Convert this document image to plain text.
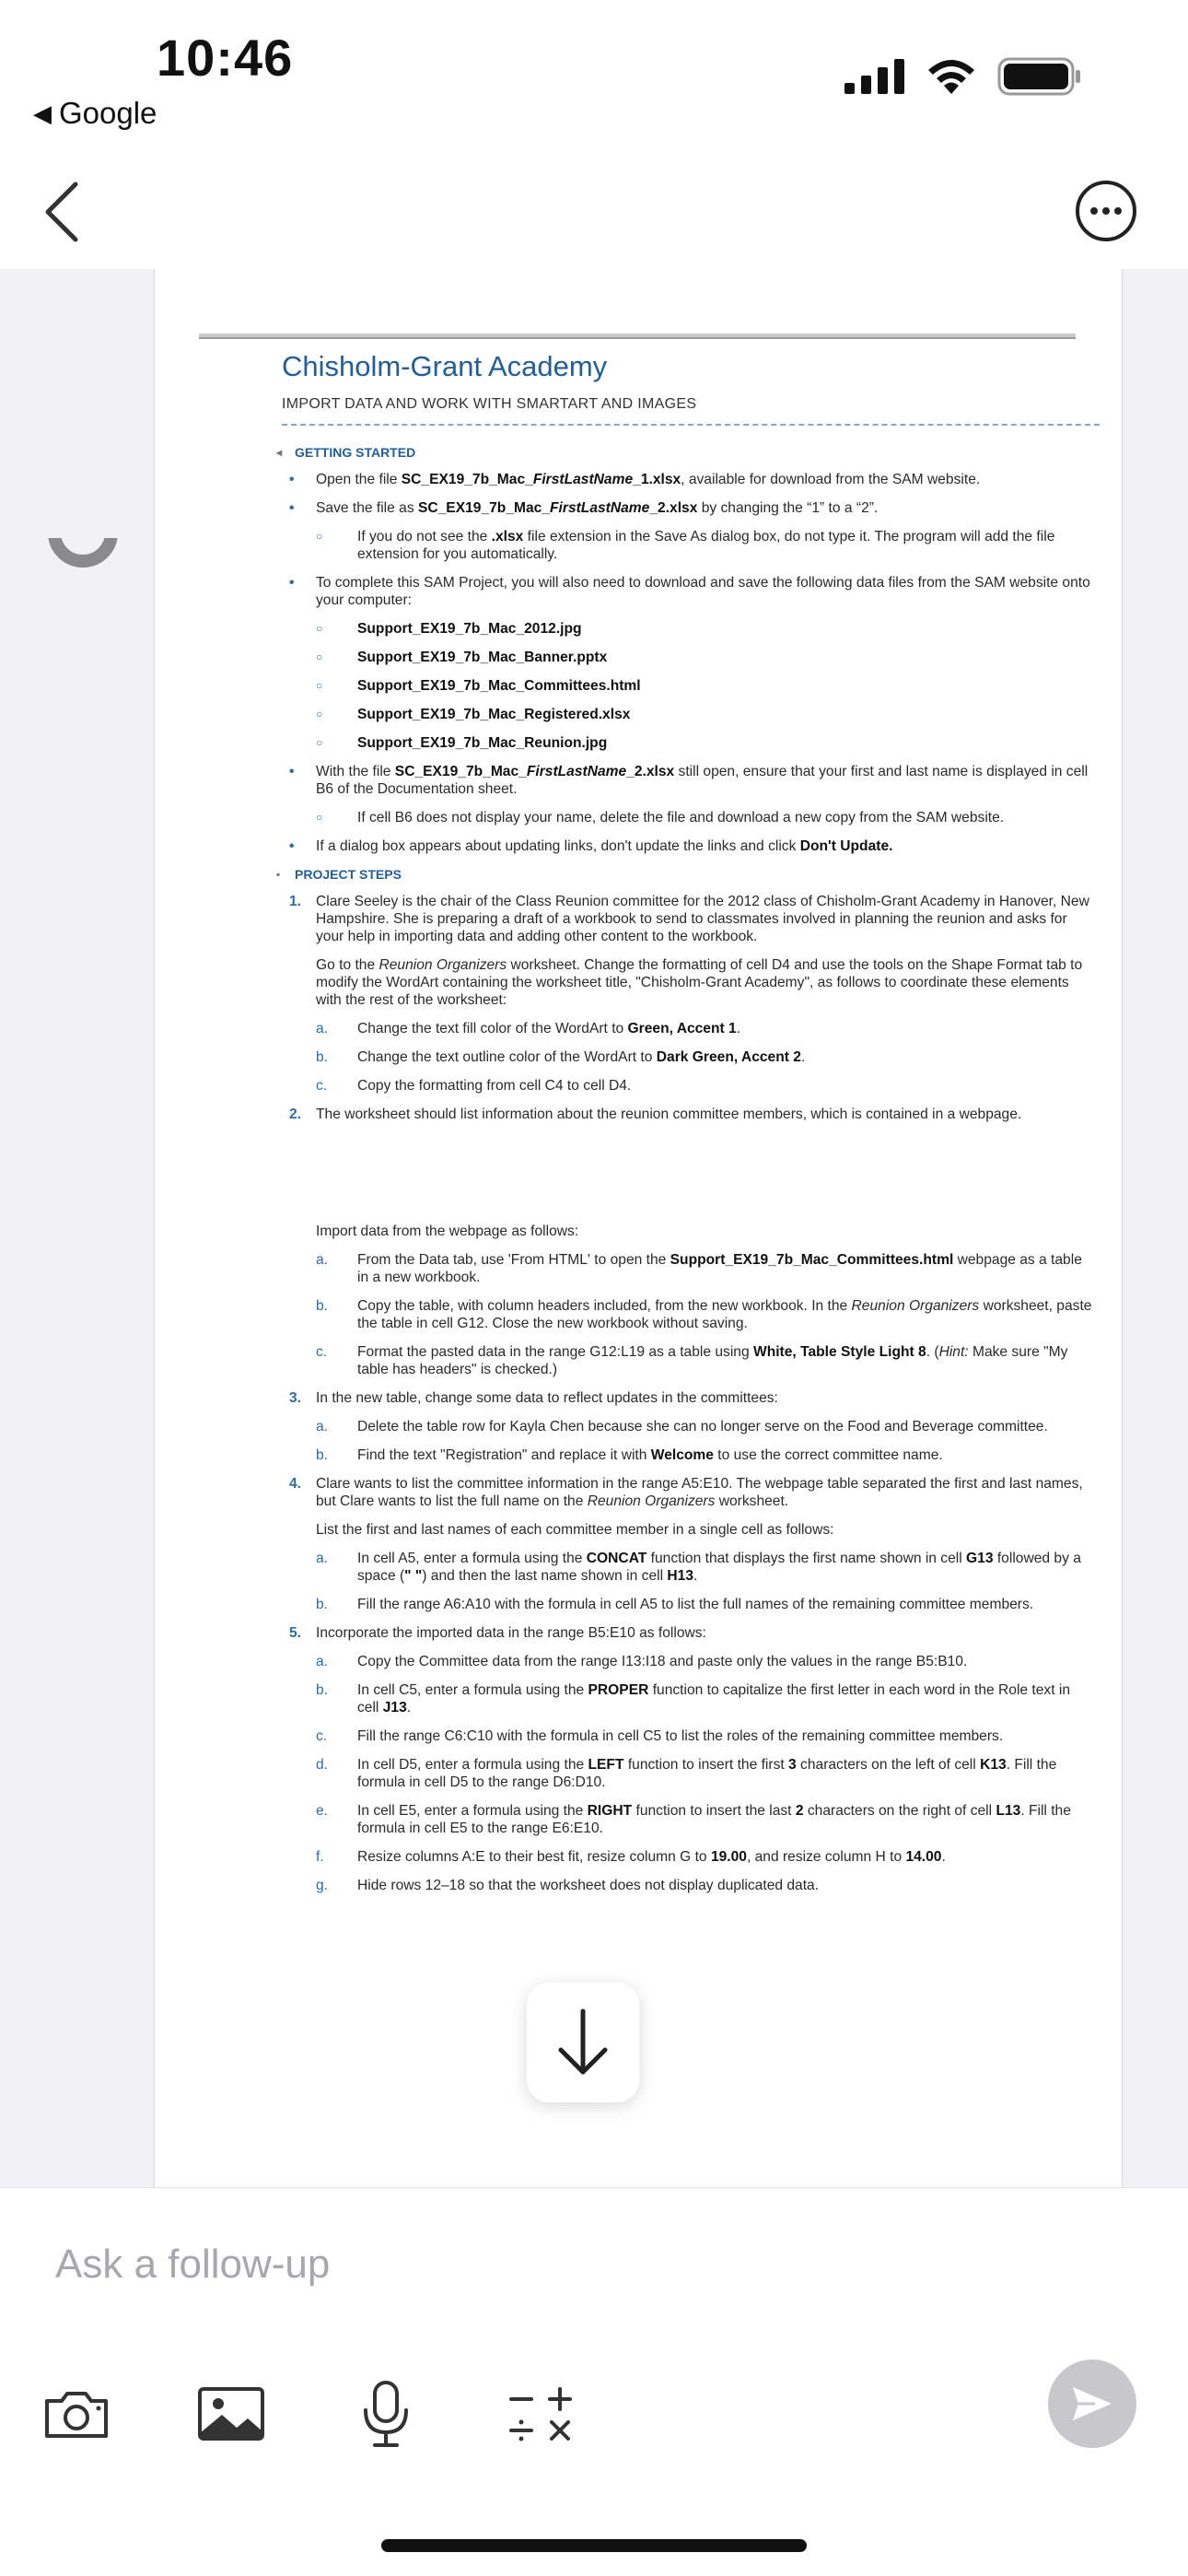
10:46
◀ Google
Chisholm-Grant Academy
IMPORT DATA AND WORK WITH SMARTART AND IMAGES
◂ GETTING STARTED
•	Open the file SC_EX19_7b_Mac_FirstLastName_1.xlsx, available for download from the SAM website.
•	Save the file as SC_EX19_7b_Mac_FirstLastName_2.xlsx by changing the “1” to a “2”.
○	If you do not see the .xlsx file extension in the Save As dialog box, do not type it. The program will add the file extension for you automatically.
•	To complete this SAM Project, you will also need to download and save the following data files from the SAM website onto your computer:
○	Support_EX19_7b_Mac_2012.jpg
○	Support_EX19_7b_Mac_Banner.pptx
○	Support_EX19_7b_Mac_Committees.html
○	Support_EX19_7b_Mac_Registered.xlsx
○	Support_EX19_7b_Mac_Reunion.jpg
•	With the file SC_EX19_7b_Mac_FirstLastName_2.xlsx still open, ensure that your first and last name is displayed in cell B6 of the Documentation sheet.
○	If cell B6 does not display your name, delete the file and download a new copy from the SAM website.
•	If a dialog box appears about updating links, don't update the links and click Don't Update.
▪ PROJECT STEPS
1.	Clare Seeley is the chair of the Class Reunion committee for the 2012 class of Chisholm-Grant Academy in Hanover, New Hampshire. She is preparing a draft of a workbook to send to classmates involved in planning the reunion and asks for your help in importing data and adding other content to the workbook.
Go to the Reunion Organizers worksheet. Change the formatting of cell D4 and use the tools on the Shape Format tab to modify the WordArt containing the worksheet title, "Chisholm-Grant Academy", as follows to coordinate these elements with the rest of the worksheet:
a.	Change the text fill color of the WordArt to Green, Accent 1.
b.	Change the text outline color of the WordArt to Dark Green, Accent 2.
c.	Copy the formatting from cell C4 to cell D4.
2.	The worksheet should list information about the reunion committee members, which is contained in a webpage.
Import data from the webpage as follows:
a.	From the Data tab, use 'From HTML' to open the Support_EX19_7b_Mac_Committees.html webpage as a table in a new workbook.
b.	Copy the table, with column headers included, from the new workbook. In the Reunion Organizers worksheet, paste the table in cell G12. Close the new workbook without saving.
c.	Format the pasted data in the range G12:L19 as a table using White, Table Style Light 8. (Hint: Make sure "My table has headers" is checked.)
3.	In the new table, change some data to reflect updates in the committees:
a.	Delete the table row for Kayla Chen because she can no longer serve on the Food and Beverage committee.
b.	Find the text "Registration" and replace it with Welcome to use the correct committee name.
4.	Clare wants to list the committee information in the range A5:E10. The webpage table separated the first and last names, but Clare wants to list the full name on the Reunion Organizers worksheet.
List the first and last names of each committee member in a single cell as follows:
a.	In cell A5, enter a formula using the CONCAT function that displays the first name shown in cell G13 followed by a space (" ") and then the last name shown in cell H13.
b.	Fill the range A6:A10 with the formula in cell A5 to list the full names of the remaining committee members.
5.	Incorporate the imported data in the range B5:E10 as follows:
a.	Copy the Committee data from the range I13:I18 and paste only the values in the range B5:B10.
b.	In cell C5, enter a formula using the PROPER function to capitalize the first letter in each word in the Role text in cell J13.
c.	Fill the range C6:C10 with the formula in cell C5 to list the roles of the remaining committee members.
d.	In cell D5, enter a formula using the LEFT function to insert the first 3 characters on the left of cell K13. Fill the formula in cell D5 to the range D6:D10.
e.	In cell E5, enter a formula using the RIGHT function to insert the last 2 characters on the right of cell L13. Fill the formula in cell E5 to the range E6:E10.
f.	Resize columns A:E to their best fit, resize column G to 19.00, and resize column H to 14.00.
g.	Hide rows 12–18 so that the worksheet does not display duplicated data.
Ask a follow-up
